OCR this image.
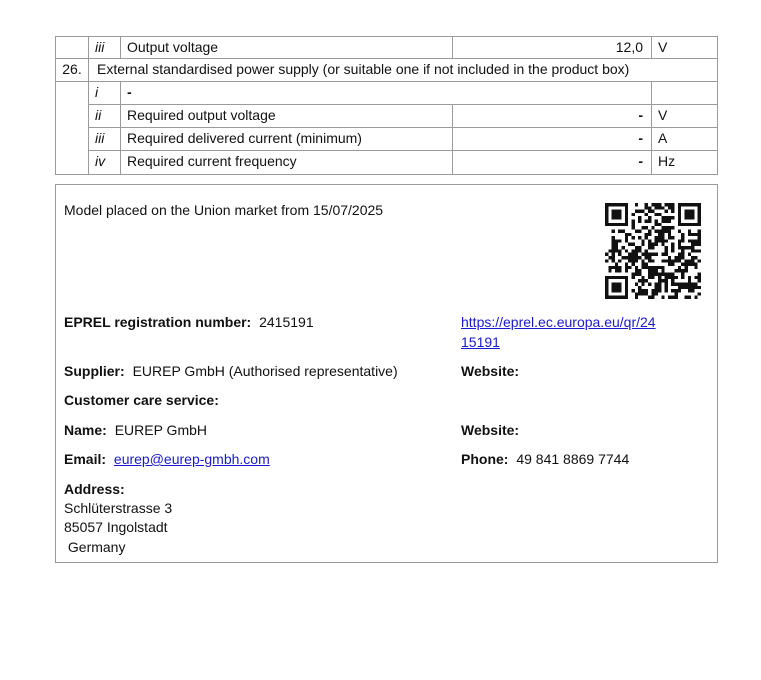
iii	Output voltage	12,0	V
26.	External standardised power supply (or suitable one if not included in the product box)
i	-
ii	Required output voltage	-	V
iii	Required delivered current (minimum)	-	A
iv	Required current frequency	-	Hz
Model placed on the Union market from 15/07/2025
EPREL registration number: 2415191	https://eprel.ec.europa.eu/qr/24
15191
Supplier: EUREP GmbH (Authorised representative)	Website:
Customer care service:
Name: EUREP GmbH	Website:
Email: eurep@eurep-gmbh.com	Phone: 49 841 8869 7744
Address:
Schlüterstrasse 3
85057 Ingolstadt
Germany
